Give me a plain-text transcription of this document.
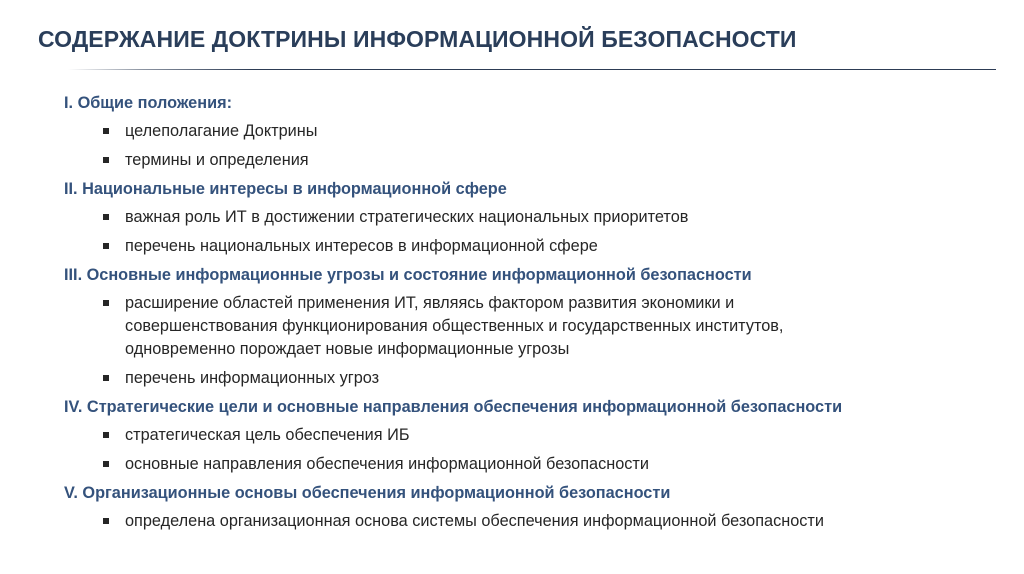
СОДЕРЖАНИЕ ДОКТРИНЫ ИНФОРМАЦИОННОЙ БЕЗОПАСНОСТИ
I. Общие положения:
целеполагание Доктрины
термины и определения
II. Национальные интересы в информационной сфере
важная роль ИТ в достижении стратегических национальных приоритетов
перечень национальных интересов в информационной сфере
III. Основные информационные угрозы и состояние информационной безопасности
расширение областей применения ИТ, являясь фактором развития экономики и
совершенствования функционирования общественных и государственных институтов,
одновременно порождает новые информационные угрозы
перечень информационных угроз
IV. Стратегические цели и основные направления обеспечения информационной безопасности
стратегическая цель обеспечения ИБ
основные направления обеспечения информационной безопасности
V. Организационные основы обеспечения информационной безопасности
определена организационная основа системы обеспечения информационной безопасности
